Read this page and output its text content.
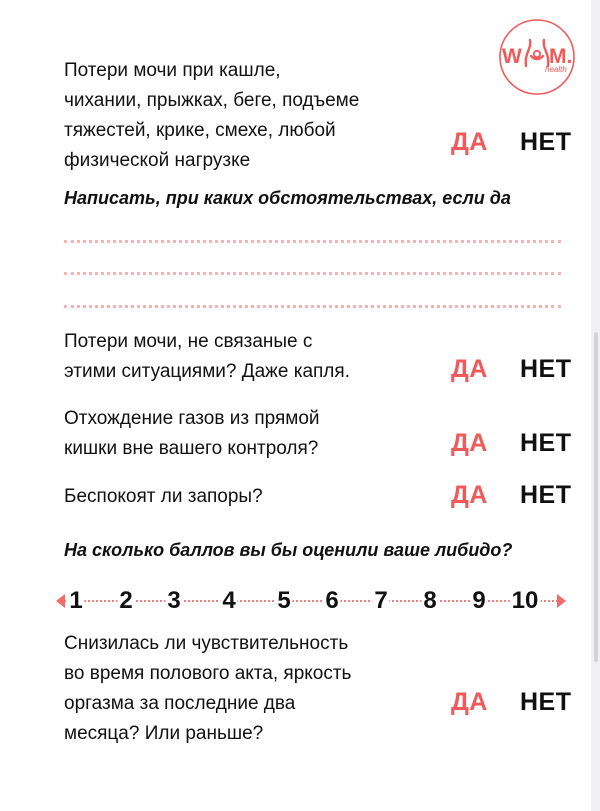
W M.
health
Потери мочи при кашле,
чихании, прыжках, беге, подъеме
тяжестей, крике, смехе, любой
физической нагрузке
ДА НЕТ
Написать, при каких обстоятельствах, если да
Потери мочи, не связаные с
этими ситуациями? Даже капля.	ДА НЕТ
Отхождение газов из прямой
кишки вне вашего контроля?	ДА НЕТ
Беспокоят ли запоры?	ДА НЕТ
На сколько баллов вы бы оценили ваше либидо?
1 2 3 4 5 6 7 8 9 10
Снизилась ли чувствительность
во время полового акта, яркость
оргазма за последние два
месяца? Или раньше?
ДА НЕТ
